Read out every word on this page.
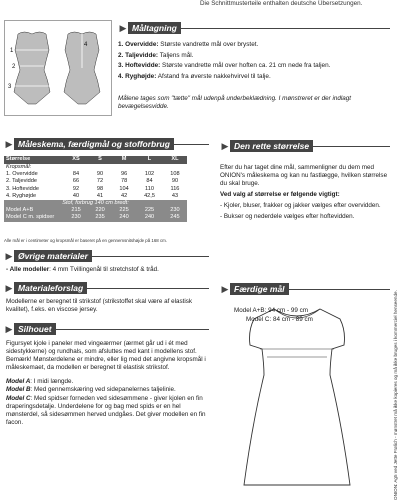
Die Schnittmusterteile enthalten deutsche Übersetzungen.
▶ Måltagning
1
2
3
4	1. Overvidde: Største vandrette mål over brystet.
2. Taljevidde: Taljens mål.
3. Hoftevidde: Største vandrette mål over hoften ca. 21 cm nede fra taljen.
4. Ryghøjde: Afstand fra øverste nakkehvirvel til talje.
Målene tages som "tætte" mål udenpå underbeklædning. I mønstreret er der indlagt bevægelsesvidde.
▶ Måleskema, færdigmål og stofforbrug
Størrelse	XS	S	M	L	XL
Kropsmål:					
1. Overvidde	84	90	96	102	108
2. Taljevidde	66	72	78	84	90
3. Hoftevidde	92	98	104	110	116
4. Ryghøjde	40	41	42	42,5	43
Stof, forbrug 140 cm bredt:					
Model A+B	215	220	225	225	230
Model C m. spidser	230	235	240	240	245
Alle mål er i centimeter og kropsmål er baseret på en gennemsnitshøjde på 168 cm.
▶ Øvrige materialer
- Alle modeller: 4 mm Tvillingenål til stretchstof & tråd.
▶ Materialeforslag
Modellerne er beregnet til strikstof (strikstoffet skal være af elastisk kvalitet), f.eks. en viscose jersey.
▶ Silhouet

Figursyet kjole i paneler med vingeærmer (ærmet går ud i ét med sidestykkerne) og rundhals, som afsluttes med kant i modellens stof.

Bemærk! Mønsterdelene er mindre, eller lig med det angivne kropsmål i måleskemaet, da modellen er beregnet til elastisk strikstof.

Model A: I midi længde.

Model B: Med gennemskæring ved sidepanelernes taljelinie.

Model C: Med spidser forneden ved sidesømmene - giver kjolen en fin draperingsdetalje. Underdelene for og bag med spids er en hel mønsterdel, så sidesømmen herved undgåes. Det giver modellen en fin facon.

▶ Den rette størrelse

Efter du har taget dine mål, sammenligner du dem med ONION's måleskema og kan nu fastlægge, hvilken størrelse du skal bruge.

Ved valg af størrelse er følgende vigtigt:

- Kjoler, bluser, frakker og jakker vælges efter overvidden.
- Bukser og nederdele vælges efter hoftevidden.
▶ Færdige mål
Model A+B: 94 cm - 99 cm
Model C: 84 cm - 89 cm	ONION: Ag5 ved Jette Frølich - mønstret må ikke kopieres og må ikke bruges i kommerciel henseende.
